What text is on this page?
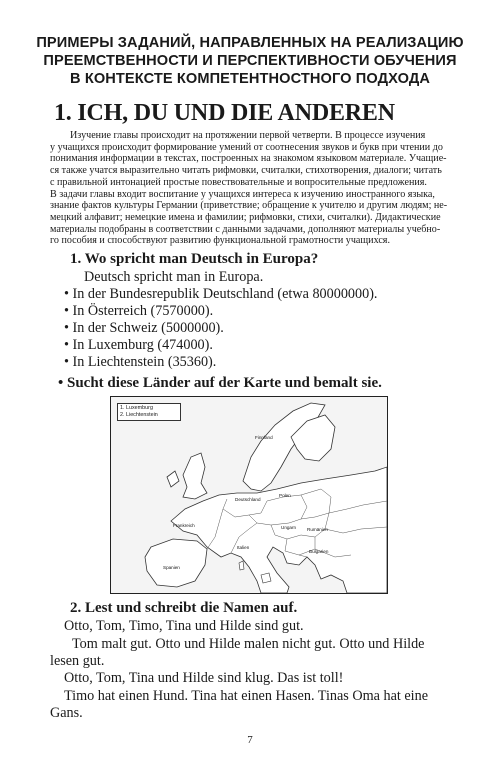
ПРИМЕРЫ ЗАДАНИЙ, НАПРАВЛЕННЫХ НА РЕАЛИЗАЦИЮ
ПРЕЕМСТВЕННОСТИ И ПЕРСПЕКТИВНОСТИ ОБУЧЕНИЯ
В КОНТЕКСТЕ КОМПЕТЕНТНОСТНОГО ПОДХОДА
1. ICH, DU UND DIE ANDEREN
Изучение главы происходит на протяжении первой четверти. В процессе изучения
у учащихся происходит формирование умений от соотнесения звуков и букв при чтении до
понимания информации в текстах, построенных на знакомом языковом материале. Учащие-
ся также учатся выразительно читать рифмовки, считалки, стихотворения, диалоги; читать
с правильной интонацией простые повествовательные и вопросительные предложения.
В задачи главы входит воспитание у учащихся интереса к изучению иностранного языка,
знание фактов культуры Германии (приветствие; обращение к учителю и другим людям; не-
мецкий алфавит; немецкие имена и фамилии; рифмовки, стихи, считалки). Дидактические
материалы подобраны в соответствии с данными задачами, дополняют материалы учебно-
го пособия и способствуют развитию функциональной грамотности учащихся.
1. Wo spricht man Deutsch in Europa?
Deutsch spricht man in Europa.
• In der Bundesrepublik Deutschland (etwa 80000000).
• In Österreich (7570000).
• In der Schweiz (5000000).
• In Luxemburg (474000).
• In Liechtenstein (35360).
• Sucht diese Länder auf der Karte und bemalt sie.
1. Luxemburg
2. Liechtenstein
Finnland
Deutschland
Polen
Frankreich	Ungarn Rumänien
Bulgarien
Spanien
Italien
2. Lest und schreibt die Namen auf.
Otto, Tom, Timo, Tina und Hilde sind gut.
Tom malt gut. Otto und Hilde malen nicht gut. Otto und Hilde
lesen gut.
Otto, Tom, Tina und Hilde sind klug. Das ist toll!
Timo hat einen Hund. Tina hat einen Hasen. Tinas Oma hat eine
Gans.
7
